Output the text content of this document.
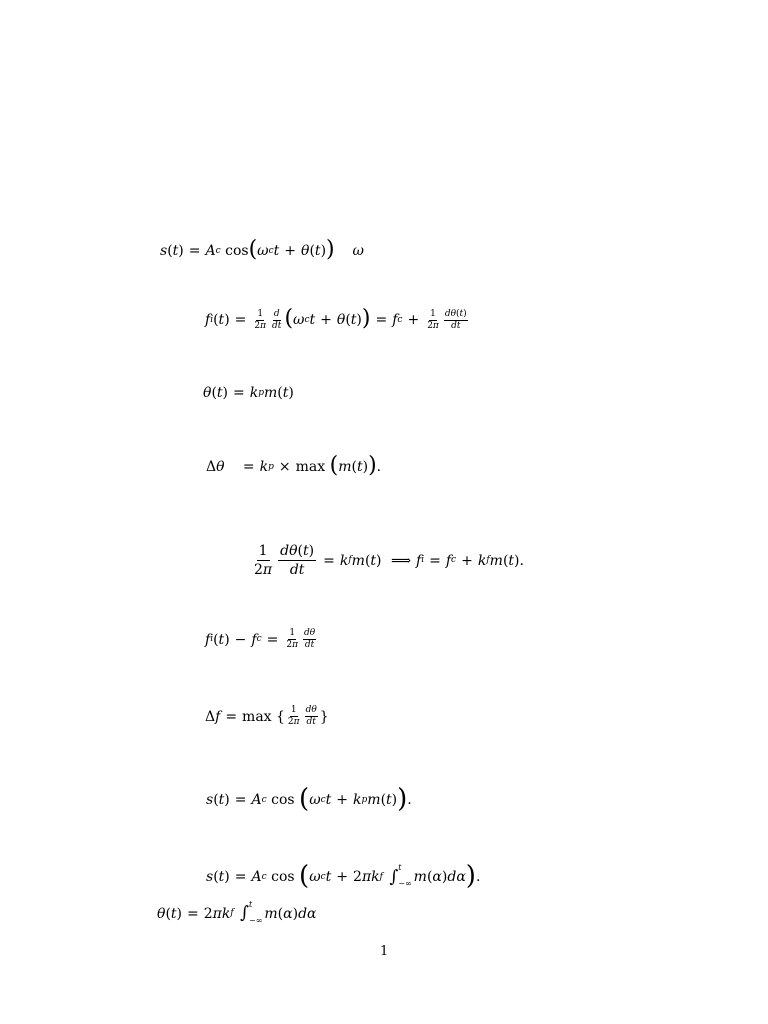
s ( t ) = A c cos ( ω c t + θ ( t ) )
ω
f i ( t ) = $\frac{1}{2\pi} \frac{d}{dt}$ ( ω c t + θ ( t ) ) = f $c + \frac{1}{2\pi} \frac{d\theta(t)}{dt}$
θ ( t ) = k p m ( t )
Δ θ
= k p × max ( m ( t ) ) .
$\frac{1}{2\pi} \frac{d\theta(t)}{dt} = k$ f m ( t ) ⟹ f i = f c + k f m ( t ).
f i ( t ) − f $c = \frac{1}{2\pi} \frac{d\theta}{dt}$
Δ f = max { $\frac{1}{2\pi} \frac{d\theta}{dt}$ }
s ( t ) = A c cos ( ω c t + k p m ( t ) ) .
s ( t ) = A c cos ( ω c t + 2 πk f
∫ t
−∞ m ( α ) dα ) .
θ ( t ) = 2 πk f
∫ t
−∞ m ( α ) dα
1
